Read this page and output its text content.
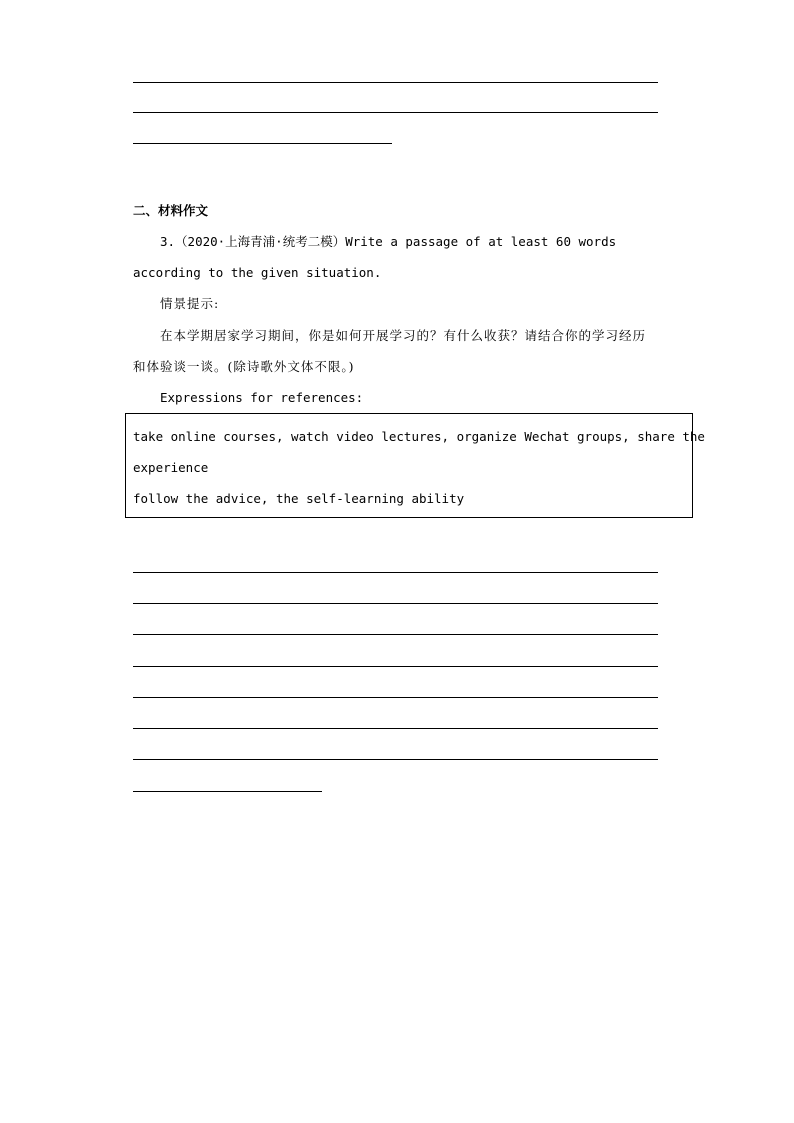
二、材料作文
3.（2020·上海青浦·统考二模）Write a passage of at least 60 words
according to the given situation.
情景提示:
在本学期居家学习期间，你是如何开展学习的？有什么收获？请结合你的学习经历
和体验谈一谈。(除诗歌外文体不限。)
Expressions for references:
take online courses, watch video lectures, organize Wechat groups, share the
experience
follow the advice, the self-learning ability
